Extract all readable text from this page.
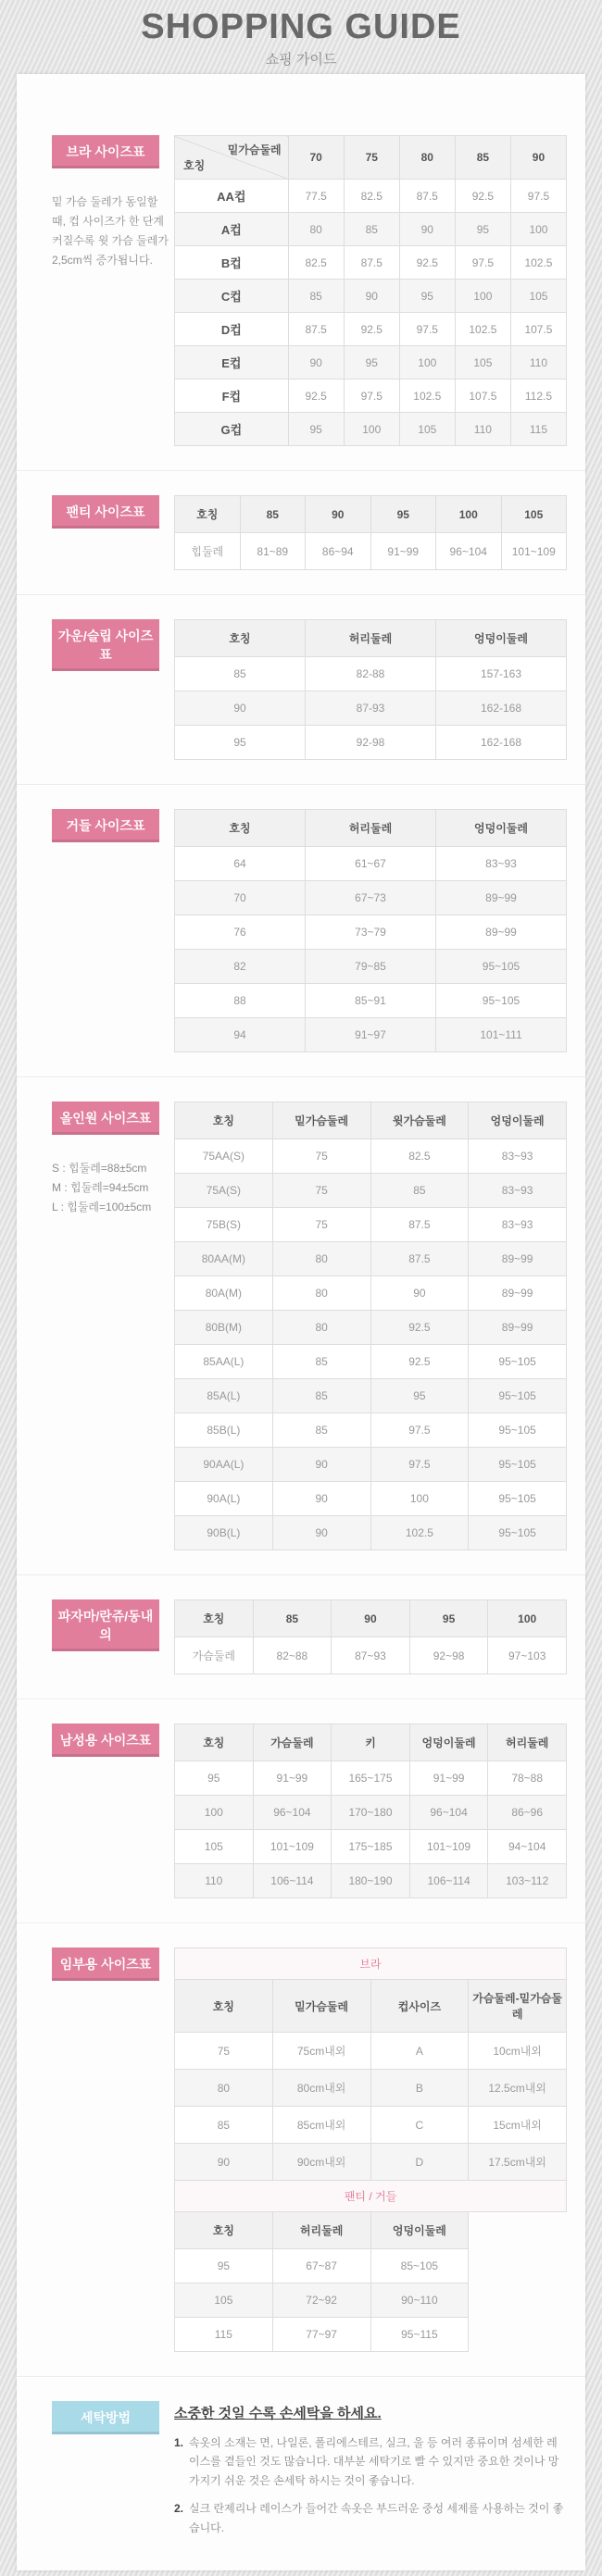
SHOPPING GUIDE

쇼핑 가이드

브라 사이즈표

밑 가슴 둘레가 동일할 때, 컵 사이즈가 한 단계 커질수록 윗 가슴 둘레가 2,5cm씩 증가됩니다.

밑가슴둘레
호칭	70	75	80	85	90
AA컵	77.5	82.5	87.5	92.5	97.5
A컵	80	85	90	95	100
B컵	82.5	87.5	92.5	97.5	102.5
C컵	85	90	95	100	105
D컵	87.5	92.5	97.5	102.5	107.5
E컵	90	95	100	105	110
F컵	92.5	97.5	102.5	107.5	112.5
G컵	95	100	105	110	115
팬티 사이즈표	호칭	85	90	95	100	105
힙둘레	81~89	86~94	91~99	96~104	101~109
가운/슬립 사이즈표
호칭	허리둘레	엉덩이둘레
85	82-88	157-163
90	87-93	162-168
95	92-98	162-168
거들 사이즈표	호칭	허리둘레	엉덩이둘레
64	61~67	83~93
70	67~73	89~99
76	73~79	89~99
82	79~85	95~105
88	85~91	95~105
94	91~97	101~111
올인원 사이즈표

S : 힙둘레=88±5cm

M : 힙둘레=94±5cm

L : 힙둘레=100±5cm

호칭	밑가슴둘레	윗가슴둘레	엉덩이둘레
75AA(S)	75	82.5	83~93
75A(S)	75	85	83~93
75B(S)	75	87.5	83~93
80AA(M)	80	87.5	89~99
80A(M)	80	90	89~99
80B(M)	80	92.5	89~99
85AA(L)	85	92.5	95~105
85A(L)	85	95	95~105
85B(L)	85	97.5	95~105
90AA(L)	90	97.5	95~105
90A(L)	90	100	95~105
90B(L)	90	102.5	95~105
파자마/란쥬/동내의
호칭	85	90	95	100
가슴둘레	82~88	87~93	92~98	97~103
남성용 사이즈표	호칭	가슴둘레	키	엉덩이둘레	허리둘레
95	91~99	165~175	91~99	78~88
100	96~104	170~180	96~104	86~96
105	101~109	175~185	101~109	94~104
110	106~114	180~190	106~114	103~112
임부용 사이즈표	브라			
호칭	밑가슴둘레	컵사이즈	가슴둘레-밑가슴둘레
75	75cm내외	A	10cm내외
80	80cm내외	B	12.5cm내외
85	85cm내외	C	15cm내외
90	90cm내외	D	17.5cm내외
팬티 / 거들			
호칭	허리둘레	엉덩이둘레	
95	67~87	85~105	
105	72~92	90~110	
115	77~97	95~115	
세탁방법	소중한 것일 수록 손세탁을 하세요.

1. 속옷의 소재는 면, 나일론, 폴리에스테르, 실크, 울 등 여러 종류이며 섬세한 레이스를 곁들인 것도 많습니다. 대부분 세탁기로 빨 수 있지만 중요한 것이나 망가지기 쉬운 것은 손세탁 하시는 것이 좋습니다.
2. 실크 란제리나 레이스가 들어간 속옷은 부드러운 중성 세제를 사용하는 것이 좋습니다.
